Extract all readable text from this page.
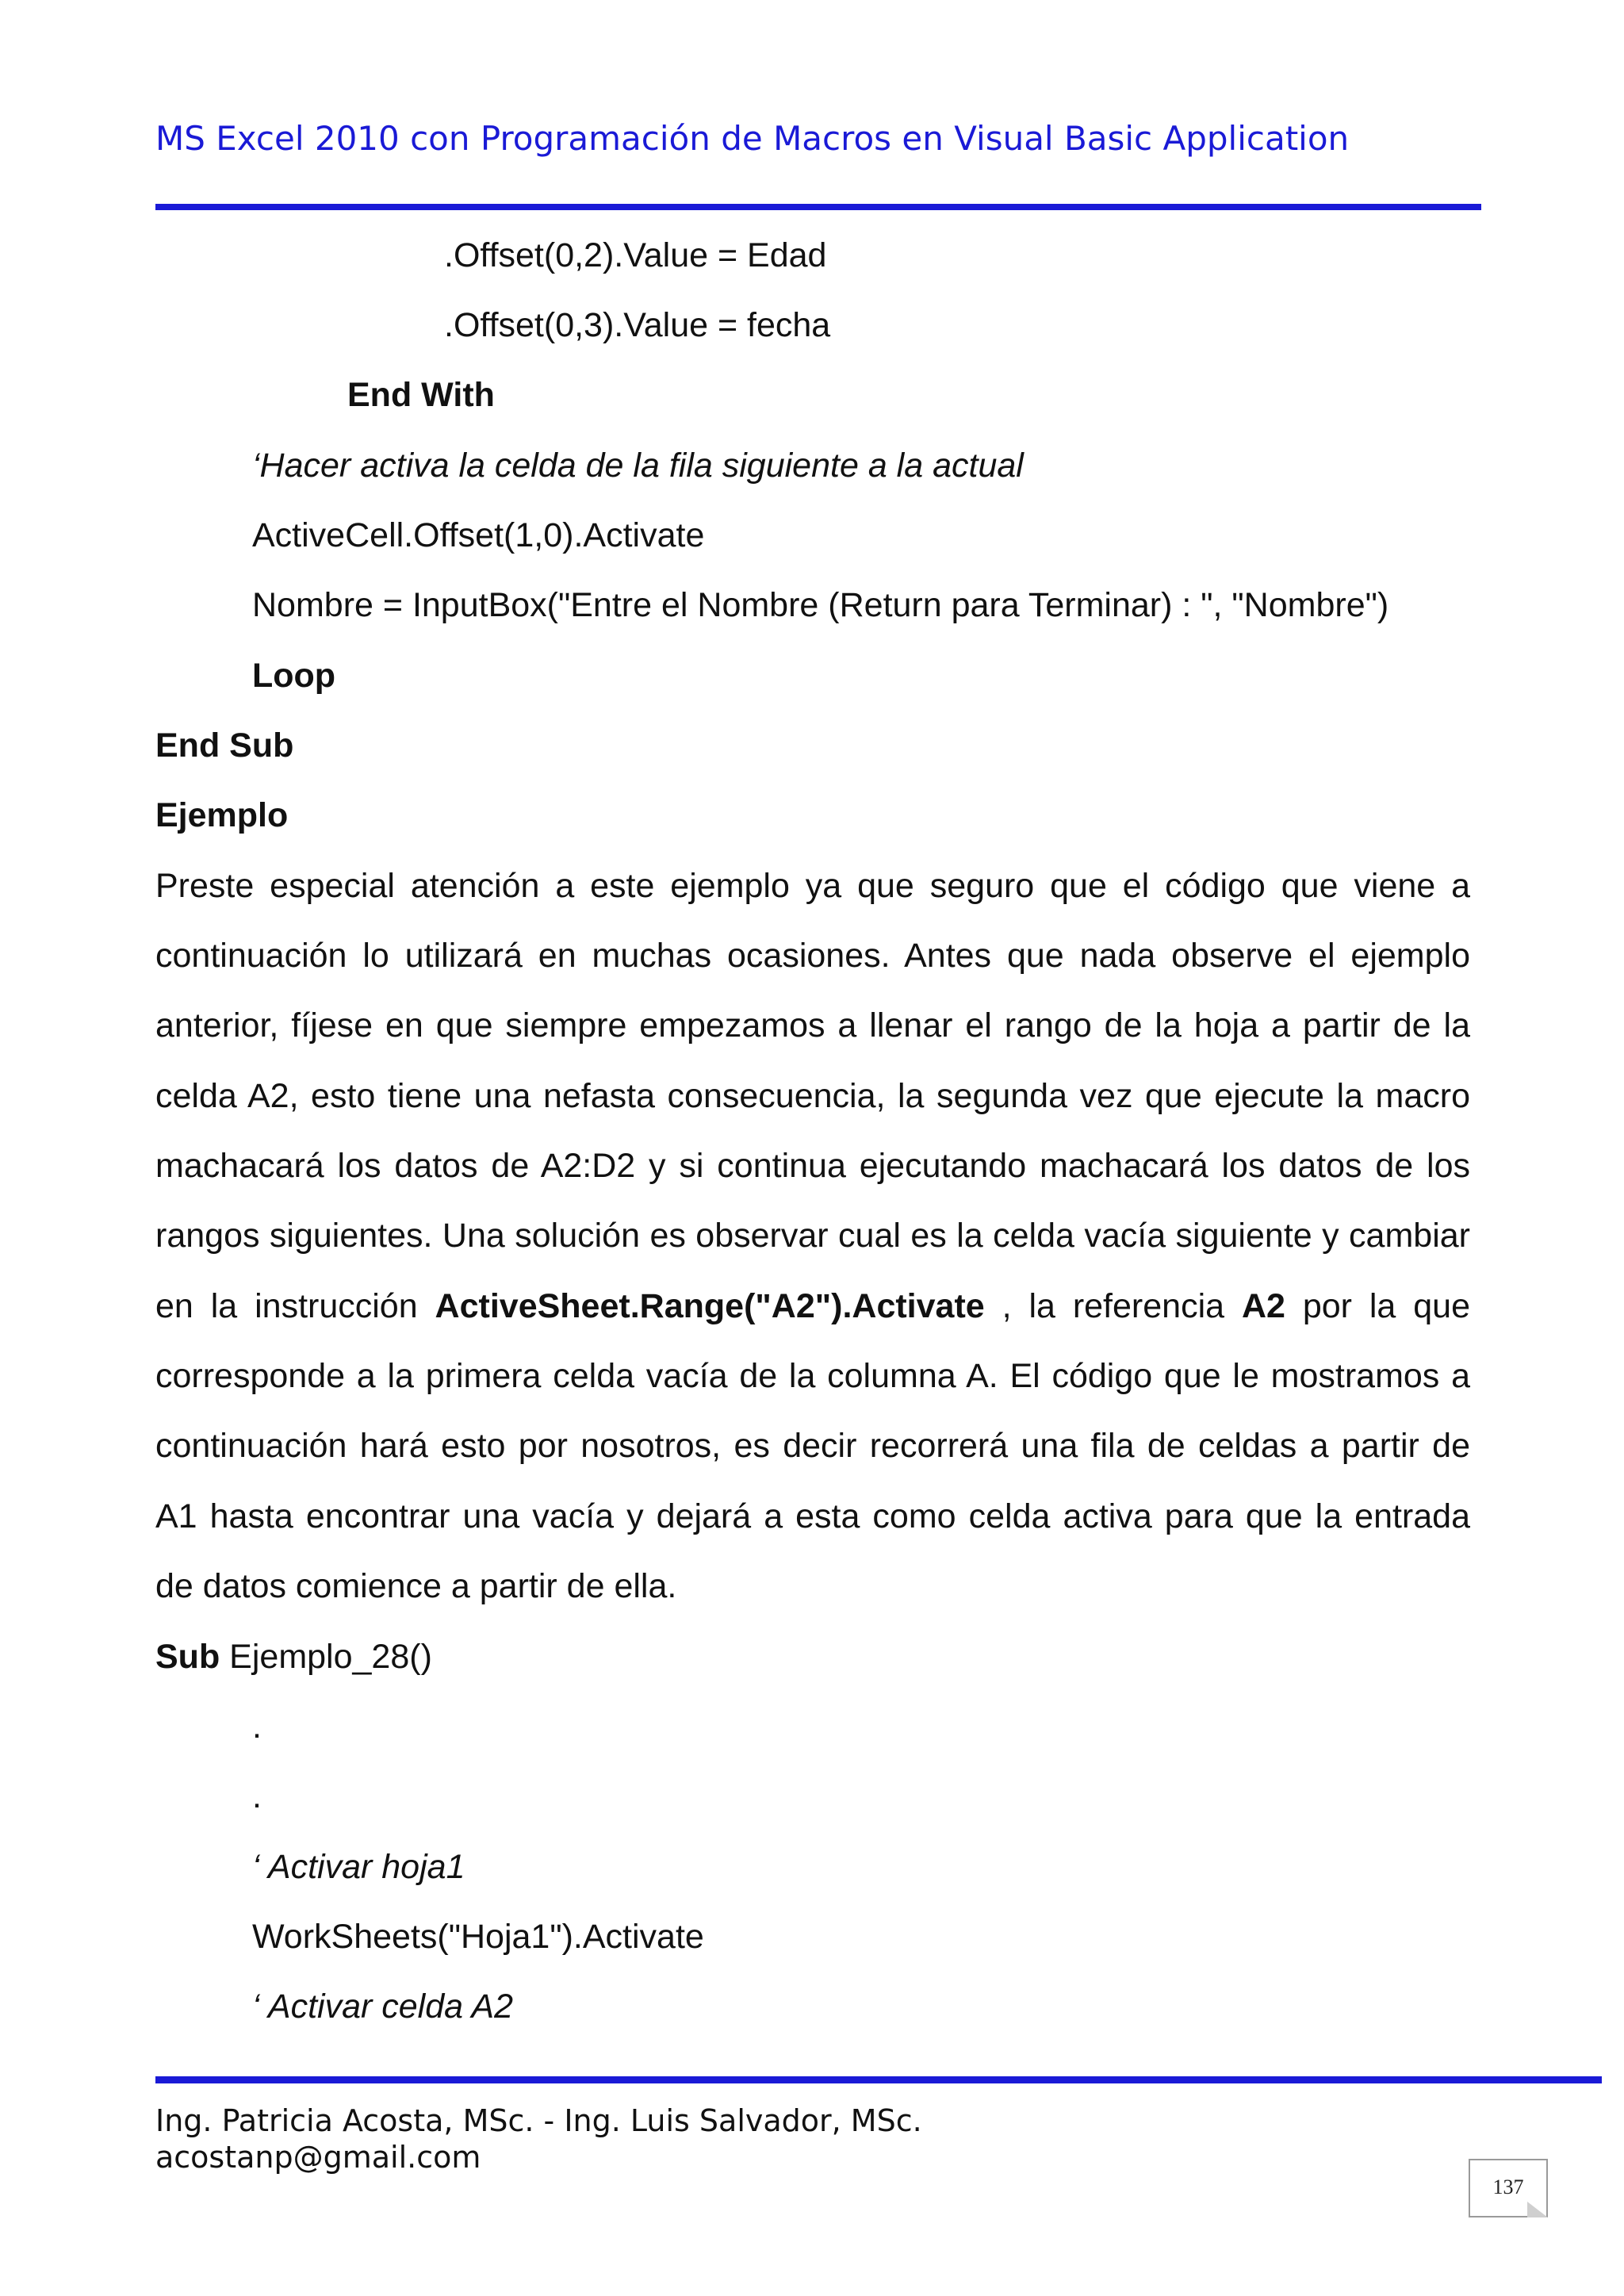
MS Excel 2010 con Programación de Macros en Visual Basic Application
.Offset(0,2).Value = Edad
.Offset(0,3).Value = fecha
End With
‘Hacer activa la celda de la fila siguiente a la actual
ActiveCell.Offset(1,0).Activate
Nombre = InputBox("Entre el Nombre (Return para Terminar) : ", "Nombre")
Loop
End Sub
Ejemplo
Preste especial atención a este ejemplo ya que seguro que el código que viene a
continuación lo utilizará en muchas ocasiones. Antes que nada observe el ejemplo
anterior, fíjese en que siempre empezamos a llenar el rango de la hoja a partir de la
celda A2, esto tiene una nefasta consecuencia, la segunda vez que ejecute la macro
machacará los datos de A2:D2 y si continua ejecutando machacará los datos de los
rangos siguientes. Una solución es observar cual es la celda vacía siguiente y cambiar
en la instrucción ActiveSheet.Range("A2").Activate , la referencia A2 por la que
corresponde a la primera celda vacía de la columna A. El código que le mostramos a
continuación hará esto por nosotros, es decir recorrerá una fila de celdas a partir de
A1 hasta encontrar una vacía y dejará a esta como celda activa para que la entrada
de datos comience a partir de ella.
Sub Ejemplo_28()
.
.
‘ Activar hoja1
WorkSheets("Hoja1").Activate
‘ Activar celda A2
Ing. Patricia Acosta, MSc. - Ing. Luis Salvador, MSc.
acostanp@gmail.com
137
